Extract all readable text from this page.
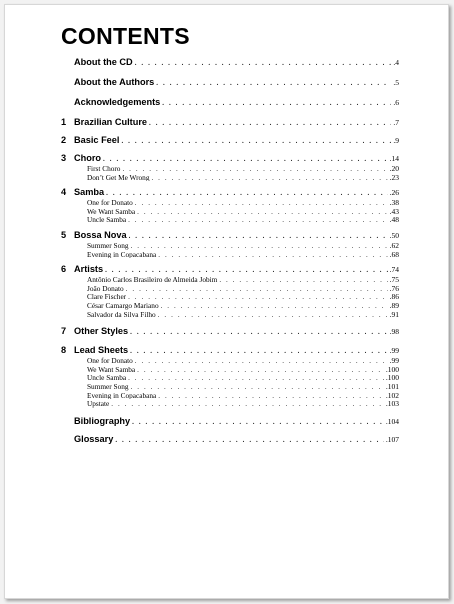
CONTENTS
About the CD . . .	.4
About the Authors . . .	.5
Acknowledgements . . .	.6
1 Brazilian Culture . . .	.7
2 Basic Feel . . .	.9
3 Choro . . .	.14
First Choro . . .	.20
Don’t Get Me Wrong . . .	.23
4 Samba . . .	.26
One for Donato . . .	.38
We Want Samba . . .	.43
Uncle Samba . . .	.48
5 Bossa Nova . . .	.50
Summer Song . . .	.62
Evening in Copacabana . . .	.68
6 Artists . . .	.74
Antônio Carlos Brasileiro de Almeida Jobim . . .	.75
João Donato . . .	.76
Clare Fischer . . .	.86
César Camargo Mariano . . .	.89
Salvador da Silva Filho . . .	.91
7 Other Styles . . .	.98
8 Lead Sheets . . .	.99
One for Donato . . .	.99
We Want Samba . . .	.100
Uncle Samba . . .	.100
Summer Song . . .	.101
Evening in Copacabana . . .	.102
Upstate . . .	.103
Bibliography . . .	.104
Glossary . . .	.107
